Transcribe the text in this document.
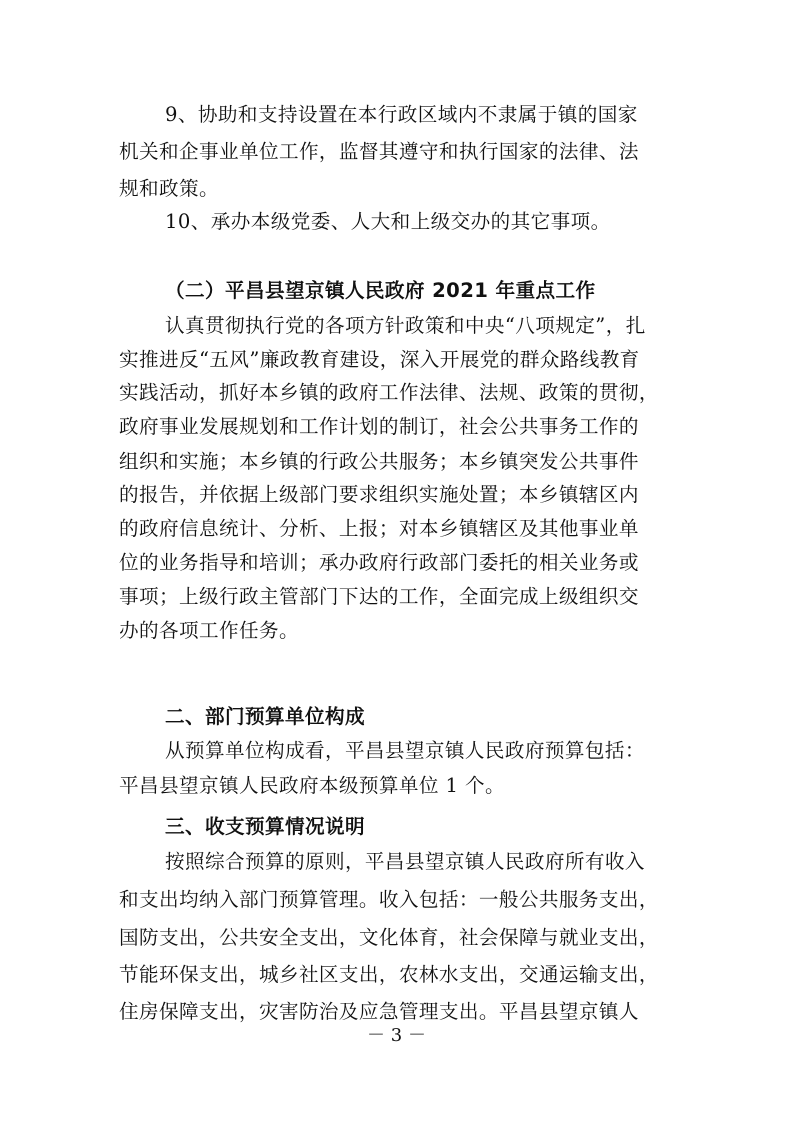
9、协助和支持设置在本行政区域内不隶属于镇的国家
机关和企事业单位工作，监督其遵守和执行国家的法律、法
规和政策。
10、承办本级党委、人大和上级交办的其它事项。
（二）平昌县望京镇人民政府 2021 年重点工作
认真贯彻执行党的各项方针政策和中央“八项规定”，扎
实推进反“五风”廉政教育建设，深入开展党的群众路线教育
实践活动，抓好本乡镇的政府工作法律、法规、政策的贯彻，
政府事业发展规划和工作计划的制订，社会公共事务工作的
组织和实施；本乡镇的行政公共服务；本乡镇突发公共事件
的报告，并依据上级部门要求组织实施处置；本乡镇辖区内
的政府信息统计、分析、上报；对本乡镇辖区及其他事业单
位的业务指导和培训；承办政府行政部门委托的相关业务或
事项；上级行政主管部门下达的工作，全面完成上级组织交
办的各项工作任务。
二、部门预算单位构成
从预算单位构成看，平昌县望京镇人民政府预算包括：
平昌县望京镇人民政府本级预算单位 1 个。
三、收支预算情况说明
按照综合预算的原则，平昌县望京镇人民政府所有收入
和支出均纳入部门预算管理。收入包括：一般公共服务支出，
国防支出，公共安全支出，文化体育，社会保障与就业支出，
节能环保支出，城乡社区支出，农林水支出，交通运输支出，
住房保障支出，灾害防治及应急管理支出。平昌县望京镇人
－ 3 －
